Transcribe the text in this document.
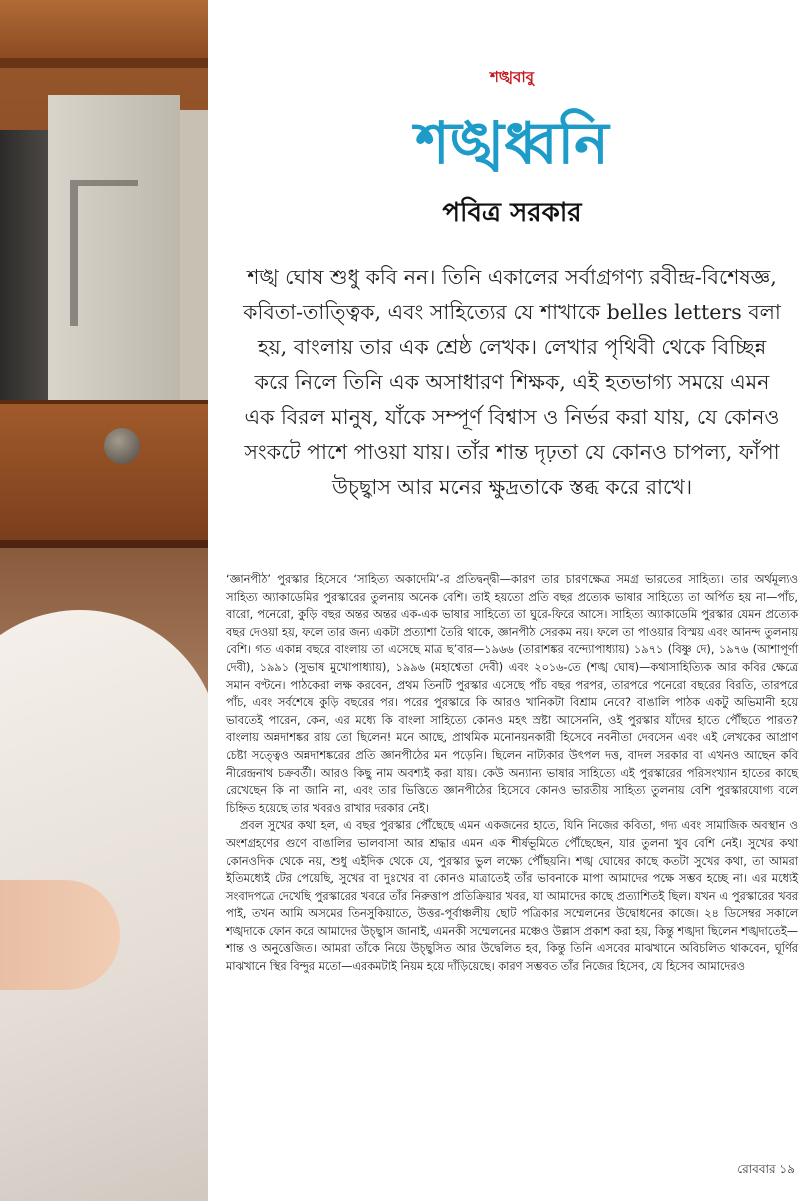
শঙ্খবাবু
শঙ্খধ্বনি
পবিত্র সরকার
শঙ্খ ঘোষ শুধু কবি নন। তিনি একালের সর্বাগ্রগণ্য রবীন্দ্র-বিশেষজ্ঞ, কবিতা-তাত্ত্বিক, এবং সাহিত্যের যে শাখাকে belles letters বলা হয়, বাংলায় তার এক শ্রেষ্ঠ লেখক। লেখার পৃথিবী থেকে বিচ্ছিন্ন করে নিলে তিনি এক অসাধারণ শিক্ষক, এই হতভাগ্য সময়ে এমন এক বিরল মানুষ, যাঁকে সম্পূর্ণ বিশ্বাস ও নির্ভর করা যায়, যে কোনও সংকটে পাশে পাওয়া যায়। তাঁর শান্ত দৃঢ়তা যে কোনও চাপল্য, ফাঁপা উচ্ছ্বাস আর মনের ক্ষুদ্রতাকে স্তব্ধ করে রাখে।

‘জ্ঞানপীঠ’ পুরস্কার হিসেবে ‘সাহিত্য অকাদেমি’-র প্রতিদ্বন্দ্বী—কারণ তার চারণক্ষেত্র সমগ্র ভারতের সাহিত্য। তার অর্থমূল্যও সাহিত্য অ্যাকাডেমির পুরস্কারের তুলনায় অনেক বেশি। তাই হয়তো প্রতি বছর প্রত্যেক ভাষার সাহিত্যে তা অর্পিত হয় না—পাঁচ, বারো, পনেরো, কুড়ি বছর অন্তর অন্তর এক-এক ভাষার সাহিত্যে তা ঘুরে-ফিরে আসে। সাহিত্য অ্যাকাডেমি পুরস্কার যেমন প্রত্যেক বছর দেওয়া হয়, ফলে তার জন্য একটা প্রত্যাশা তৈরি থাকে, জ্ঞানপীঠ সেরকম নয়। ফলে তা পাওয়ার বিস্ময় এবং আনন্দ তুলনায় বেশি। গত একান্ন বছরে বাংলায় তা এসেছে মাত্র ছ’বার—১৯৬৬ (তারাশঙ্কর বন্দ্যোপাধ্যায়) ১৯৭১ (বিষ্ণু দে), ১৯৭৬ (আশাপূর্ণা দেবী), ১৯৯১ (সুভাষ মুখোপাধ্যায়), ১৯৯৬ (মহাশ্বেতা দেবী) এবং ২০১৬-তে (শঙ্খ ঘোষ)—কথাসাহিত্যিক আর কবির ক্ষেত্রে সমান বণ্টনে। পাঠকেরা লক্ষ করবেন, প্রথম তিনটি পুরস্কার এসেছে পাঁচ বছর পরপর, তারপরে পনেরো বছরের বিরতি, তারপরে পাঁচ, এবং সর্বশেষে কুড়ি বছরের পর। পরের পুরস্কারে কি আরও খানিকটা বিশ্রাম নেবে? বাঙালি পাঠক একটু অভিমানী হয়ে ভাবতেই পারেন, কেন, এর মধ্যে কি বাংলা সাহিত্যে কোনও মহৎ স্রষ্টা আসেননি, ওই পুরস্কার যাঁদের হাতে পৌঁছতে পারত? বাংলায় অন্নদাশঙ্কর রায় তো ছিলেন! মনে আছে, প্রাথমিক মনোনয়নকারী হিসেবে নবনীতা দেবসেন এবং এই লেখকের আপ্রাণ চেষ্টা সত্ত্বেও অন্নদাশঙ্করের প্রতি জ্ঞানপীঠের মন পড়েনি। ছিলেন নাট্যকার উৎপল দত্ত, বাদল সরকার বা এখনও আছেন কবি নীরেন্দ্রনাথ চক্রবর্তী। আরও কিছু নাম অবশ্যই করা যায়। কেউ অন্যান্য ভাষার সাহিত্যে এই পুরস্কারের পরিসংখ্যান হাতের কাছে রেখেছেন কি না জানি না, এবং তার ভিত্তিতে জ্ঞানপীঠের হিসেবে কোনও ভারতীয় সাহিত্য তুলনায় বেশি পুরস্কারযোগ্য বলে চিহ্নিত হয়েছে তার খবরও রাখার দরকার নেই।

প্রবল সুখের কথা হল, এ বছর পুরস্কার পৌঁছেছে এমন একজনের হাতে, যিনি নিজের কবিতা, গদ্য এবং সামাজিক অবস্থান ও অংশগ্রহণের গুণে বাঙালির ভালবাসা আর শ্রদ্ধার এমন এক শীর্ষভূমিতে পৌঁছেছেন, যার তুলনা খুব বেশি নেই। সুখের কথা কোনওদিক থেকে নয়, শুধু এইদিক থেকে যে, পুরস্কার ভুল লক্ষ্যে পৌঁছয়নি। শঙ্খ ঘোষের কাছে কতটা সুখের কথা, তা আমরা ইতিমধ্যেই টের পেয়েছি, সুখের বা দুঃখের বা কোনও মাত্রাতেই তাঁর ভাবনাকে মাপা আমাদের পক্ষে সম্ভব হচ্ছে না। এর মধ্যেই সংবাদপত্রে দেখেছি পুরস্কারের খবরে তাঁর নিরুত্তাপ প্রতিক্রিয়ার খবর, যা আমাদের কাছে প্রত্যাশিতই ছিল। যখন এ পুরস্কারের খবর পাই, তখন আমি অসমের তিনসুকিয়াতে, উত্তর-পূর্বাঞ্চলীয় ছোট পত্রিকার সম্মেলনের উদ্বোধনের কাজে। ২৪ ডিসেম্বর সকালে শঙ্খদাকে ফোন করে আমাদের উচ্ছ্বাস জানাই, এমনকী সম্মেলনের মঞ্চেও উল্লাস প্রকাশ করা হয়, কিন্তু শঙ্খদা ছিলেন শঙ্খদাতেই—শান্ত ও অনুত্তেজিত। আমরা তাঁকে নিয়ে উচ্ছ্বসিত আর উদ্বেলিত হব, কিন্তু তিনি এসবের মাঝখানে অবিচলিত থাকবেন, ঘূর্ণির মাঝখানে স্থির বিন্দুর মতো—এরকমটাই নিয়ম হয়ে দাঁড়িয়েছে। কারণ সম্ভবত তাঁর নিজের হিসেব, যে হিসেব আমাদেরও

রোববার ১৯
